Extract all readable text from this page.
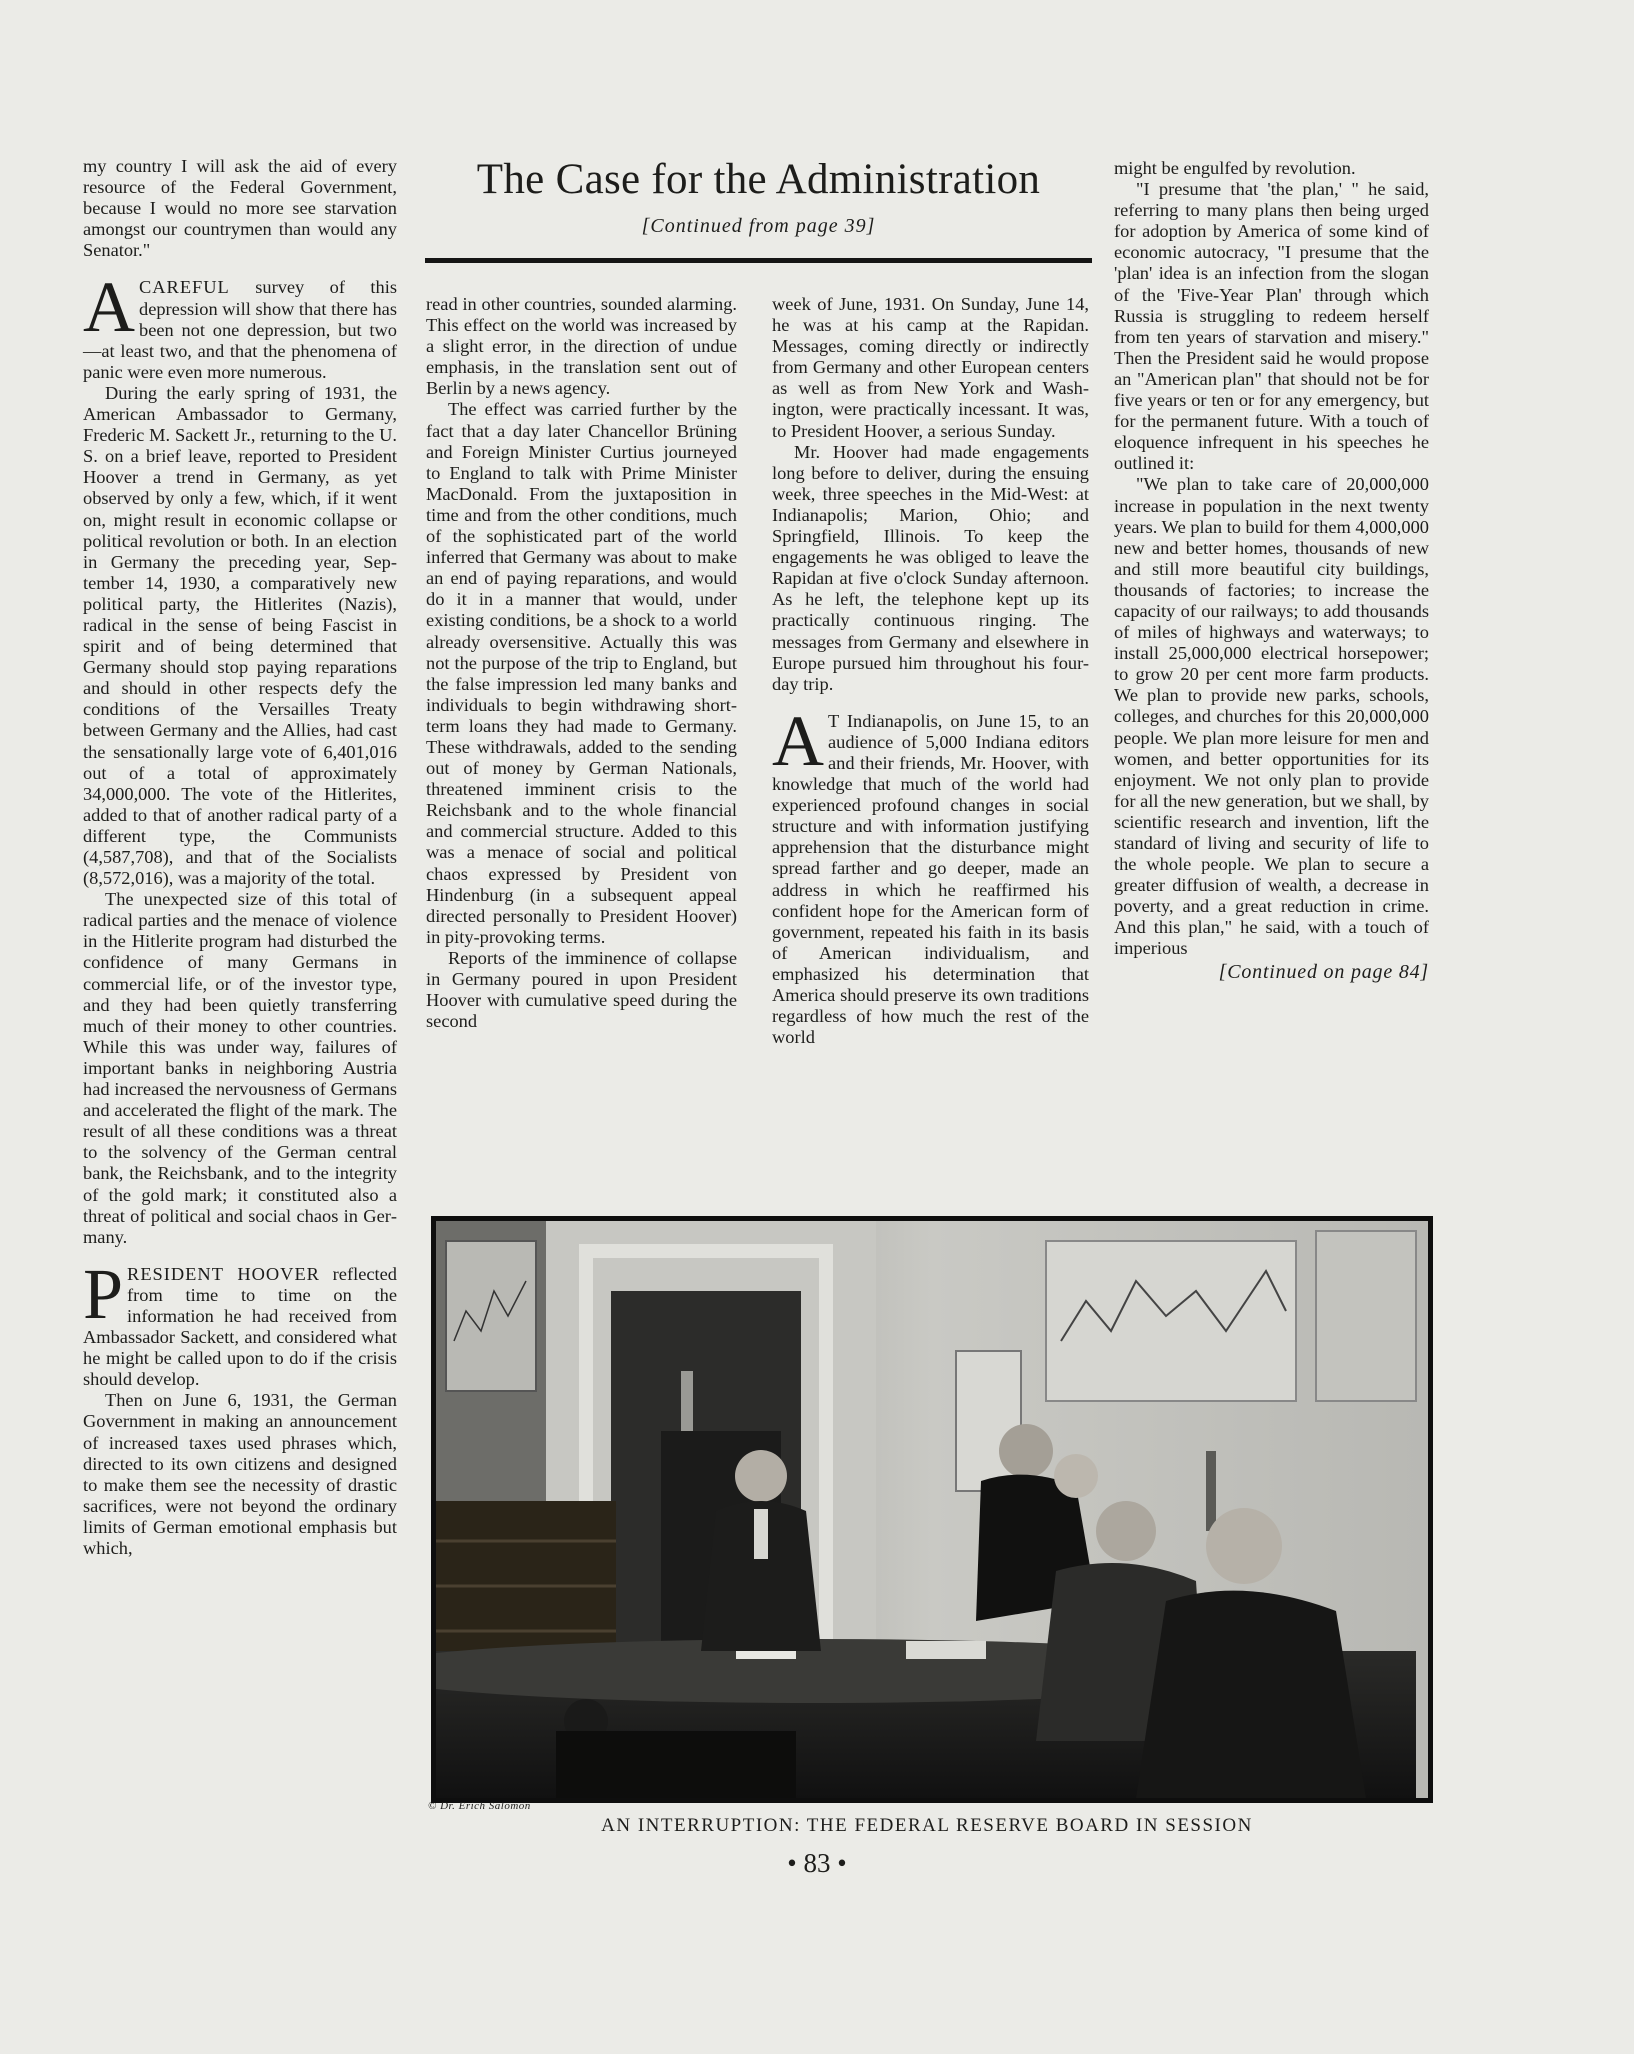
my country I will ask the aid of every resource of the Federal Government, because I would no more see starvation amongst our countrymen than would any Senator."

ACAREFUL survey of this depression will show that there has been not one depression, but two—at least two, and that the phenomena of panic were even more numerous.

During the early spring of 1931, the American Ambassador to Germany, Frederic M. Sackett Jr., returning to the U. S. on a brief leave, reported to President Hoover a trend in Germany, as yet observed by only a few, which, if it went on, might result in economic collapse or political revolution or both. In an election in Germany the preceding year, September 14, 1930, a comparatively new political party, the Hitlerites (Nazis), radical in the sense of being Fascist in spirit and of being determined that Germany should stop paying reparations and should in other respects defy the conditions of the Versailles Treaty between Germany and the Allies, had cast the sensationally large vote of 6,401,016 out of a total of approximately 34,000,000. The vote of the Hitlerites, added to that of another radical party of a different type, the Communists (4,587,708), and that of the Socialists (8,572,016), was a majority of the total.

The unexpected size of this total of radical parties and the menace of violence in the Hitlerite program had disturbed the confidence of many Germans in commercial life, or of the investor type, and they had been quietly transferring much of their money to other countries. While this was under way, failures of important banks in neighboring Austria had increased the nervousness of Germans and accelerated the flight of the mark. The result of all these conditions was a threat to the solvency of the German central bank, the Reichsbank, and to the integrity of the gold mark; it constituted also a threat of political and social chaos in Germany.

PRESIDENT HOOVER reflected from time to time on the information he had received from Ambassador Sackett, and considered what he might be called upon to do if the crisis should develop.

Then on June 6, 1931, the German Government in making an announcement of increased taxes used phrases which, directed to its own citizens and designed to make them see the necessity of drastic sacrifices, were not beyond the ordinary limits of German emotional emphasis but which,

The Case for the Administration
[Continued from page 39]

read in other countries, sounded alarming. This effect on the world was increased by a slight error, in the direction of undue emphasis, in the translation sent out of Berlin by a news agency.

The effect was carried further by the fact that a day later Chancellor Brüning and Foreign Minister Curtius journeyed to England to talk with Prime Minister MacDonald. From the juxtaposition in time and from the other conditions, much of the sophisticated part of the world inferred that Germany was about to make an end of paying reparations, and would do it in a manner that would, under existing conditions, be a shock to a world already oversensitive. Actually this was not the purpose of the trip to England, but the false impression led many banks and individuals to begin withdrawing short-term loans they had made to Germany. These withdrawals, added to the sending out of money by German Nationals, threatened imminent crisis to the Reichsbank and to the whole financial and commercial structure. Added to this was a menace of social and political chaos expressed by President von Hindenburg (in a subsequent appeal directed personally to President Hoover) in pity-provoking terms.

Reports of the imminence of collapse in Germany poured in upon President Hoover with cumulative speed during the second

week of June, 1931. On Sunday, June 14, he was at his camp at the Rapidan. Messages, coming directly or indirectly from Germany and other European centers as well as from New York and Washington, were practically incessant. It was, to President Hoover, a serious Sunday.

Mr. Hoover had made engagements long before to deliver, during the ensuing week, three speeches in the Mid-West: at Indianapolis; Marion, Ohio; and Springfield, Illinois. To keep the engagements he was obliged to leave the Rapidan at five o'clock Sunday afternoon. As he left, the telephone kept up its practically continuous ringing. The messages from Germany and elsewhere in Europe pursued him throughout his four-day trip.

A T Indianapolis, on June 15, to an audience of 5,000 Indiana editors and their friends, Mr. Hoover, with knowledge that much of the world had experienced profound changes in social structure and with information justifying apprehension that the disturbance might spread farther and go deeper, made an address in which he reaffirmed his confident hope for the American form of government, repeated his faith in its basis of American individualism, and emphasized his determination that America should preserve its own traditions regardless of how much the rest of the world

might be engulfed by revolution.

"I presume that 'the plan,' " he said, referring to many plans then being urged for adoption by America of some kind of economic autocracy, "I presume that the 'plan' idea is an infection from the slogan of the 'Five-Year Plan' through which Russia is struggling to redeem herself from ten years of starvation and misery." Then the President said he would propose an "American plan" that should not be for five years or ten or for any emergency, but for the permanent future. With a touch of eloquence infrequent in his speeches he outlined it:

"We plan to take care of 20,000,000 increase in population in the next twenty years. We plan to build for them 4,000,000 new and better homes, thousands of new and still more beautiful city buildings, thousands of factories; to increase the capacity of our railways; to add thousands of miles of highways and waterways; to install 25,000,000 electrical horsepower; to grow 20 per cent more farm products. We plan to provide new parks, schools, colleges, and churches for this 20,000,000 people. We plan more leisure for men and women, and better opportunities for its enjoyment. We not only plan to provide for all the new generation, but we shall, by scientific research and invention, lift the standard of living and security of life to the whole people. We plan to secure a greater diffusion of wealth, a decrease in poverty, and a great reduction in crime. And this plan," he said, with a touch of imperious

[Continued on page 84]
© Dr. Erich Salomon
AN INTERRUPTION: THE FEDERAL RESERVE BOARD IN SESSION
• 83 •
